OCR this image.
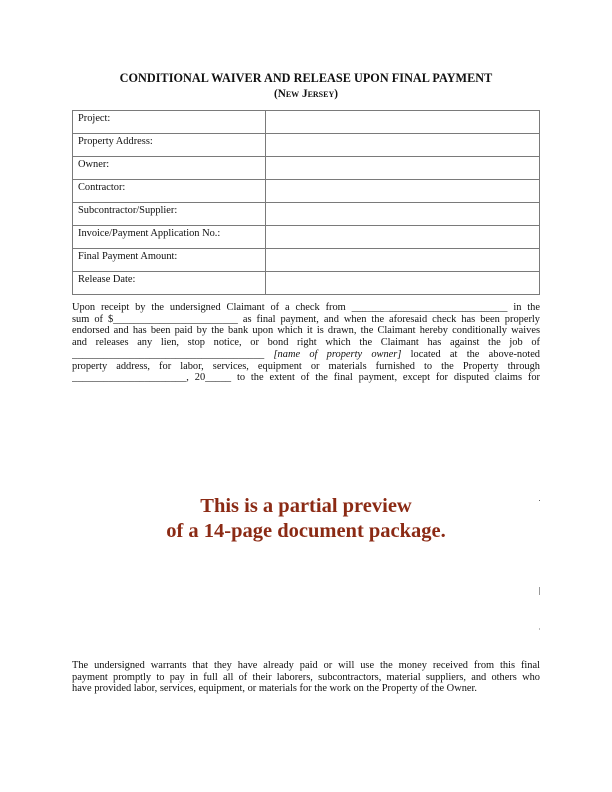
CONDITIONAL WAIVER AND RELEASE UPON FINAL PAYMENT
(New Jersey)
Project:	
Property Address:	
Owner:	
Contractor:	
Subcontractor/Supplier:	
Invoice/Payment Application No.:	
Final Payment Amount:	
Release Date:	
Upon receipt by the undersigned Claimant of a check from ______________________________ in the
sum of $________________________ as final payment, and when the aforesaid check has been properly
endorsed and has been paid by the bank upon which it is drawn, the Claimant hereby conditionally waives
and releases any lien, stop notice, or bond right which the Claimant has against the job of
_____________________________________ [name of property owner] located at the above-noted
property address, for labor, services, equipment or materials furnished to the Property through
______________________, 20_____ to the extent of the final payment, except for disputed claims for
This is a partial preview
of a 14-page document package.
The undersigned warrants that they have already paid or will use the money received from this final
payment promptly to pay in full all of their laborers, subcontractors, material suppliers, and others who
have provided labor, services, equipment, or materials for the work on the Property of the Owner.
